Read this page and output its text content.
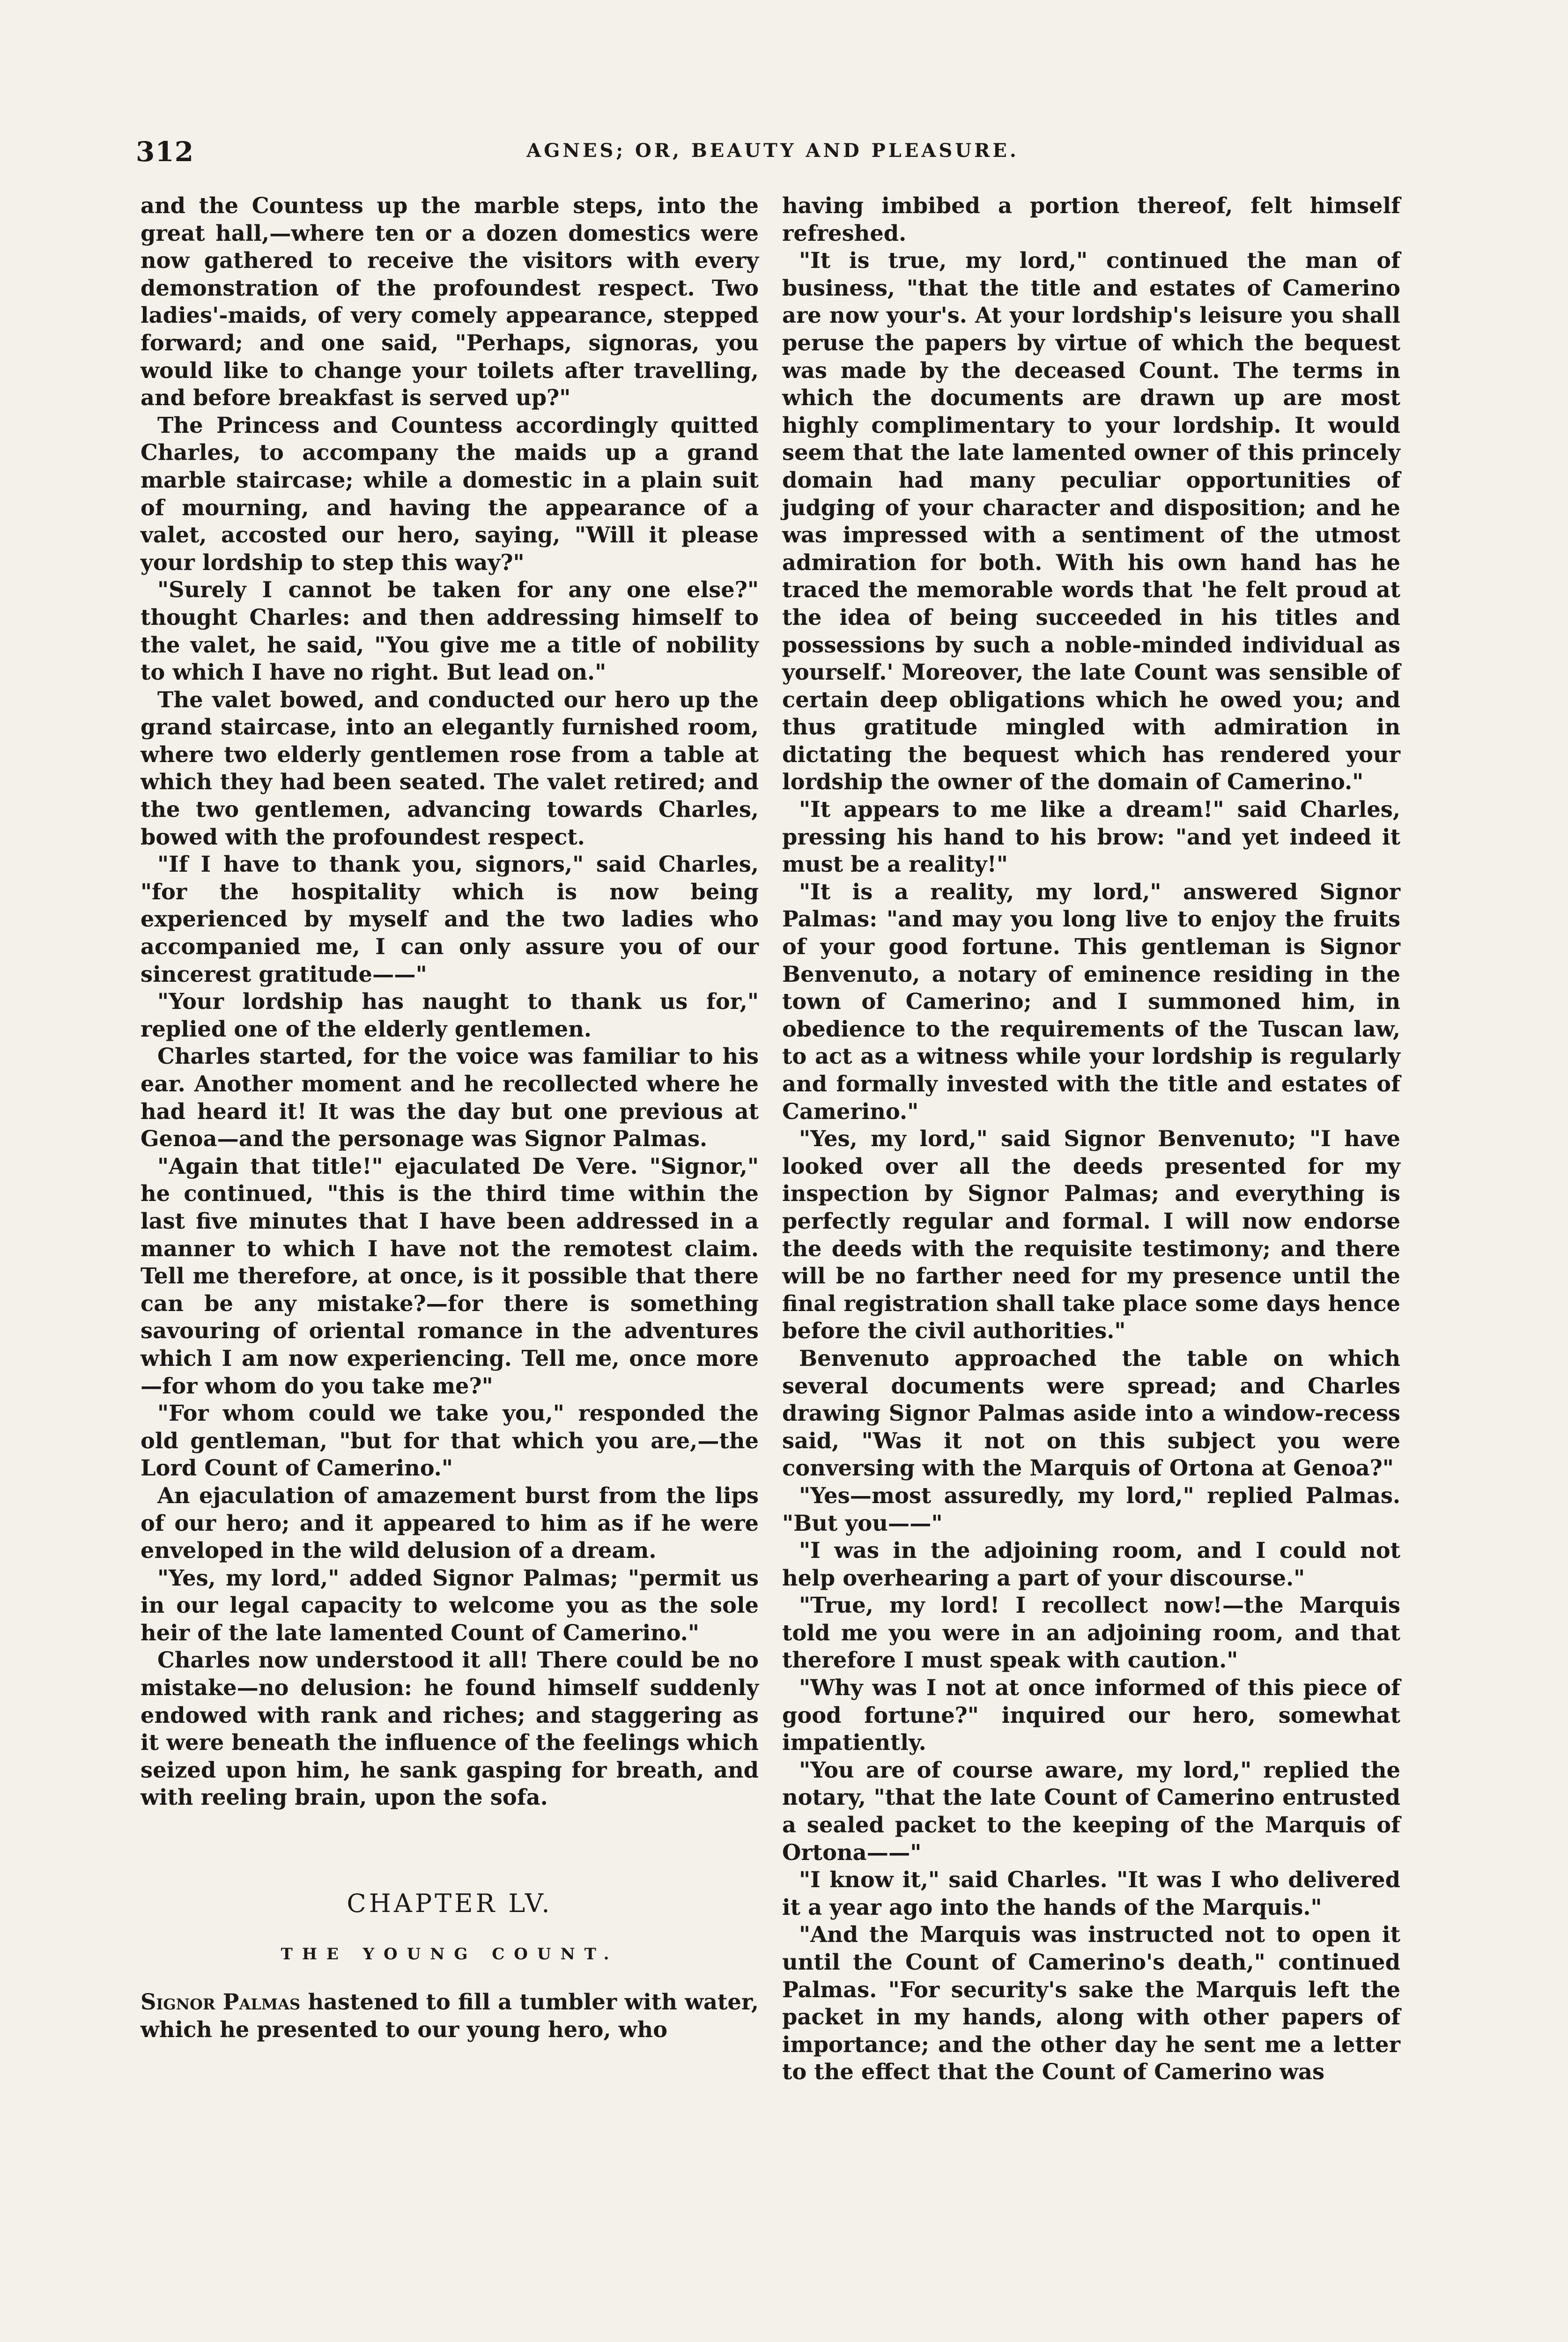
312	AGNES; OR, BEAUTY AND PLEASURE.

and the Countess up the marble steps, into the great hall,—where ten or a dozen domestics were now gathered to receive the visitors with every demonstration of the profoundest respect. Two ladies'-maids, of very comely appearance, stepped forward; and one said, "Perhaps, signoras, you would like to change your toilets after travelling, and before breakfast is served up?"

The Princess and Countess accordingly quitted Charles, to accompany the maids up a grand marble staircase; while a domestic in a plain suit of mourning, and having the appearance of a valet, accosted our hero, saying, "Will it please your lordship to step this way?"

"Surely I cannot be taken for any one else?" thought Charles: and then addressing himself to the valet, he said, "You give me a title of nobility to which I have no right. But lead on."

The valet bowed, and conducted our hero up the grand staircase, into an elegantly furnished room, where two elderly gentlemen rose from a table at which they had been seated. The valet retired; and the two gentlemen, advancing towards Charles, bowed with the profoundest respect.

"If I have to thank you, signors," said Charles, "for the hospitality which is now being experienced by myself and the two ladies who accompanied me, I can only assure you of our sincerest gratitude——"

"Your lordship has naught to thank us for," replied one of the elderly gentlemen.

Charles started, for the voice was familiar to his ear. Another moment and he recollected where he had heard it! It was the day but one previous at Genoa—and the personage was Signor Palmas.

"Again that title!" ejaculated De Vere. "Signor," he continued, "this is the third time within the last five minutes that I have been addressed in a manner to which I have not the remotest claim. Tell me therefore, at once, is it possible that there can be any mistake?—for there is something savouring of oriental romance in the adventures which I am now experiencing. Tell me, once more—for whom do you take me?"

"For whom could we take you," responded the old gentleman, "but for that which you are,—the Lord Count of Camerino."

An ejaculation of amazement burst from the lips of our hero; and it appeared to him as if he were enveloped in the wild delusion of a dream.

"Yes, my lord," added Signor Palmas; "permit us in our legal capacity to welcome you as the sole heir of the late lamented Count of Camerino."

Charles now understood it all! There could be no mistake—no delusion: he found himself suddenly endowed with rank and riches; and staggering as it were beneath the influence of the feelings which seized upon him, he sank gasping for breath, and with reeling brain, upon the sofa.

CHAPTER LV.
THE YOUNG COUNT.

Signor Palmas hastened to fill a tumbler with water, which he presented to our young hero, who

having imbibed a portion thereof, felt himself refreshed.

"It is true, my lord," continued the man of business, "that the title and estates of Camerino are now your's. At your lordship's leisure you shall peruse the papers by virtue of which the bequest was made by the deceased Count. The terms in which the documents are drawn up are most highly complimentary to your lordship. It would seem that the late lamented owner of this princely domain had many peculiar opportunities of judging of your character and disposition; and he was impressed with a sentiment of the utmost admiration for both. With his own hand has he traced the memorable words that 'he felt proud at the idea of being succeeded in his titles and possessions by such a noble-minded individual as yourself.' Moreover, the late Count was sensible of certain deep obligations which he owed you; and thus gratitude mingled with admiration in dictating the bequest which has rendered your lordship the owner of the domain of Camerino."

"It appears to me like a dream!" said Charles, pressing his hand to his brow: "and yet indeed it must be a reality!"

"It is a reality, my lord," answered Signor Palmas: "and may you long live to enjoy the fruits of your good fortune. This gentleman is Signor Benvenuto, a notary of eminence residing in the town of Camerino; and I summoned him, in obedience to the requirements of the Tuscan law, to act as a witness while your lordship is regularly and formally invested with the title and estates of Camerino."

"Yes, my lord," said Signor Benvenuto; "I have looked over all the deeds presented for my inspection by Signor Palmas; and everything is perfectly regular and formal. I will now endorse the deeds with the requisite testimony; and there will be no farther need for my presence until the final registration shall take place some days hence before the civil authorities."

Benvenuto approached the table on which several documents were spread; and Charles drawing Signor Palmas aside into a window-recess said, "Was it not on this subject you were conversing with the Marquis of Ortona at Genoa?"

"Yes—most assuredly, my lord," replied Palmas. "But you——"

"I was in the adjoining room, and I could not help overhearing a part of your discourse."

"True, my lord! I recollect now!—the Marquis told me you were in an adjoining room, and that therefore I must speak with caution."

"Why was I not at once informed of this piece of good fortune?" inquired our hero, somewhat impatiently.

"You are of course aware, my lord," replied the notary, "that the late Count of Camerino entrusted a sealed packet to the keeping of the Marquis of Ortona——"

"I know it," said Charles. "It was I who delivered it a year ago into the hands of the Marquis."

"And the Marquis was instructed not to open it until the Count of Camerino's death," continued Palmas. "For security's sake the Marquis left the packet in my hands, along with other papers of importance; and the other day he sent me a letter to the effect that the Count of Camerino was
